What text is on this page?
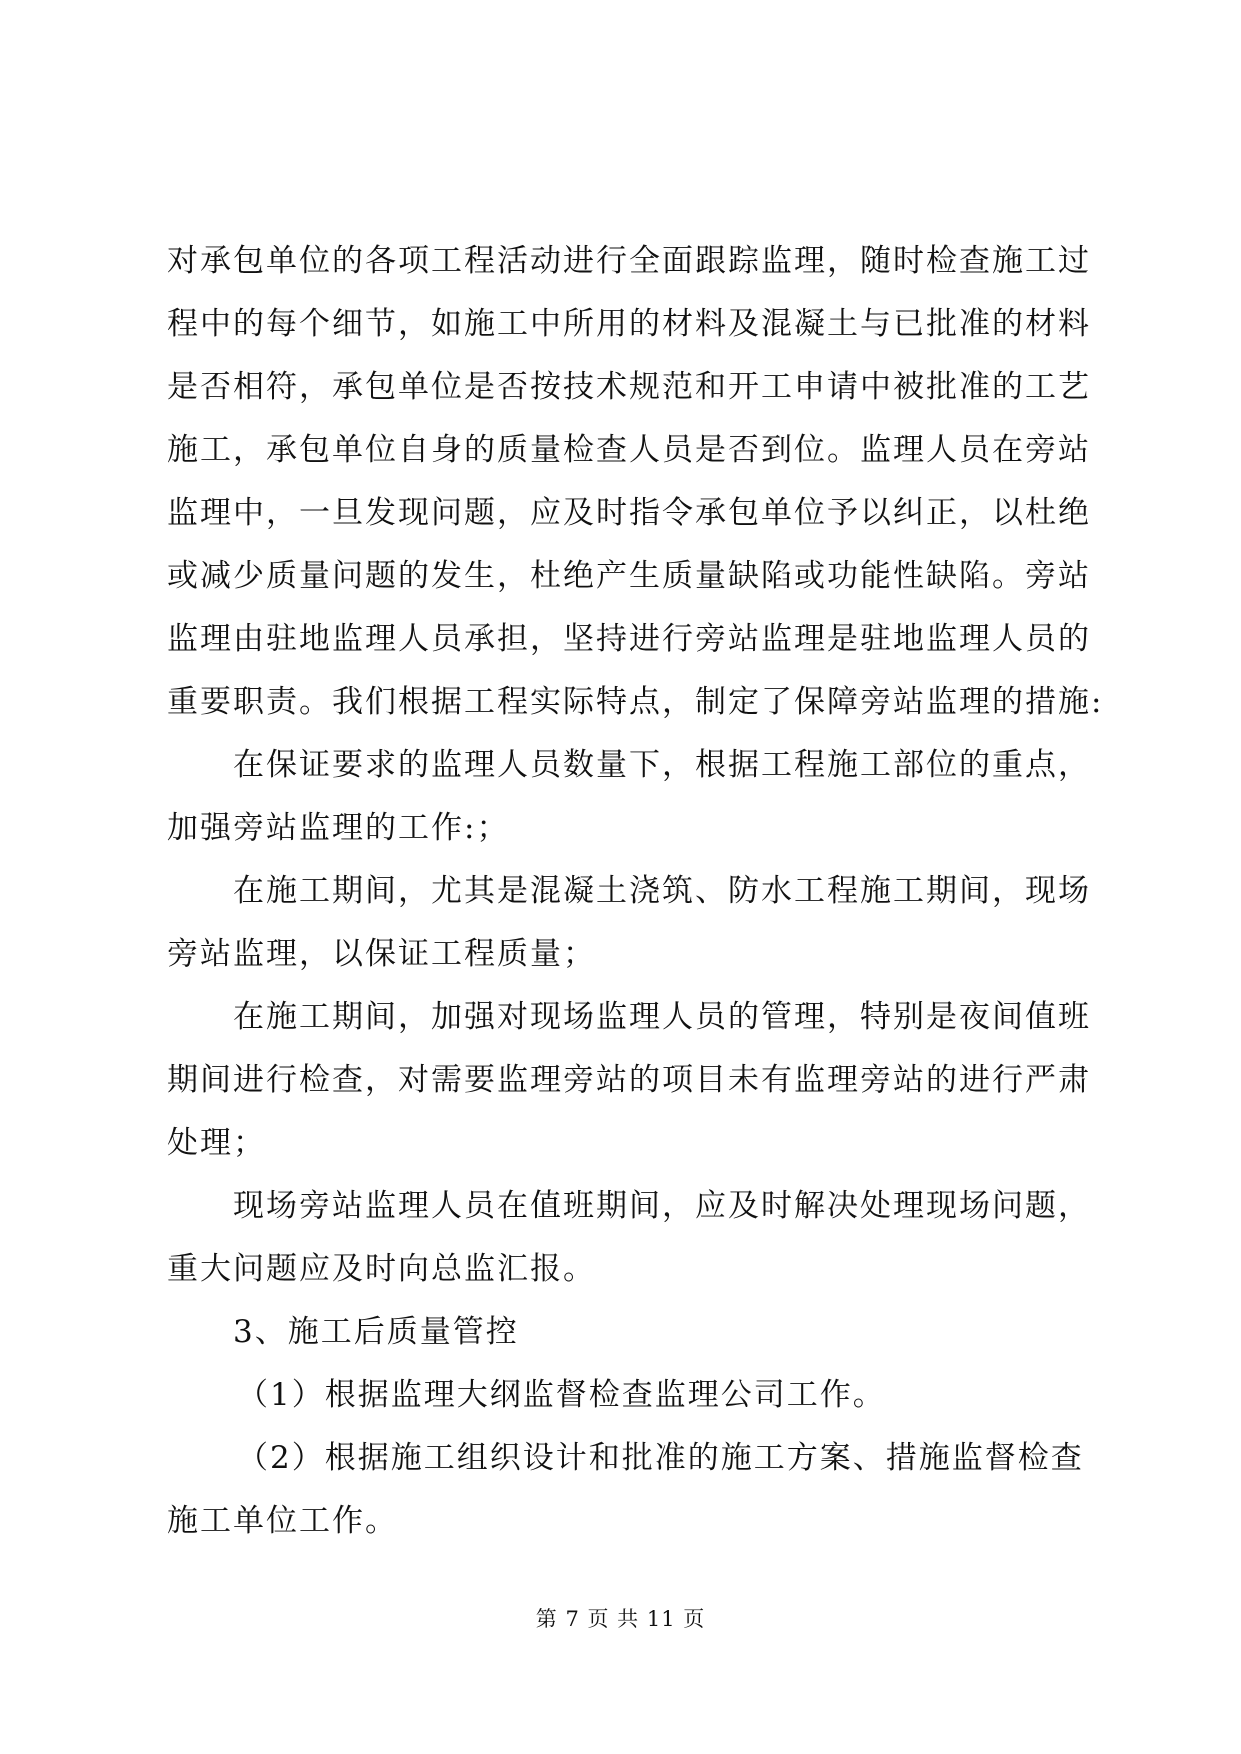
对承包单位的各项工程活动进行全面跟踪监理，随时检查施工过
程中的每个细节，如施工中所用的材料及混凝土与已批准的材料
是否相符，承包单位是否按技术规范和开工申请中被批准的工艺
施工，承包单位自身的质量检查人员是否到位。监理人员在旁站
监理中，一旦发现问题，应及时指令承包单位予以纠正，以杜绝
或减少质量问题的发生，杜绝产生质量缺陷或功能性缺陷。旁站
监理由驻地监理人员承担，坚持进行旁站监理是驻地监理人员的
重要职责。我们根据工程实际特点，制定了保障旁站监理的措施:
在保证要求的监理人员数量下，根据工程施工部位的重点，
加强旁站监理的工作:；
在施工期间，尤其是混凝土浇筑、防水工程施工期间，现场
旁站监理，以保证工程质量；
在施工期间，加强对现场监理人员的管理，特别是夜间值班
期间进行检查，对需要监理旁站的项目未有监理旁站的进行严肃
处理；
现场旁站监理人员在值班期间，应及时解决处理现场问题，
重大问题应及时向总监汇报。
3、施工后质量管控
（1）根据监理大纲监督检查监理公司工作。
（2）根据施工组织设计和批准的施工方案、措施监督检查
施工单位工作。
第 7 页 共 11 页
